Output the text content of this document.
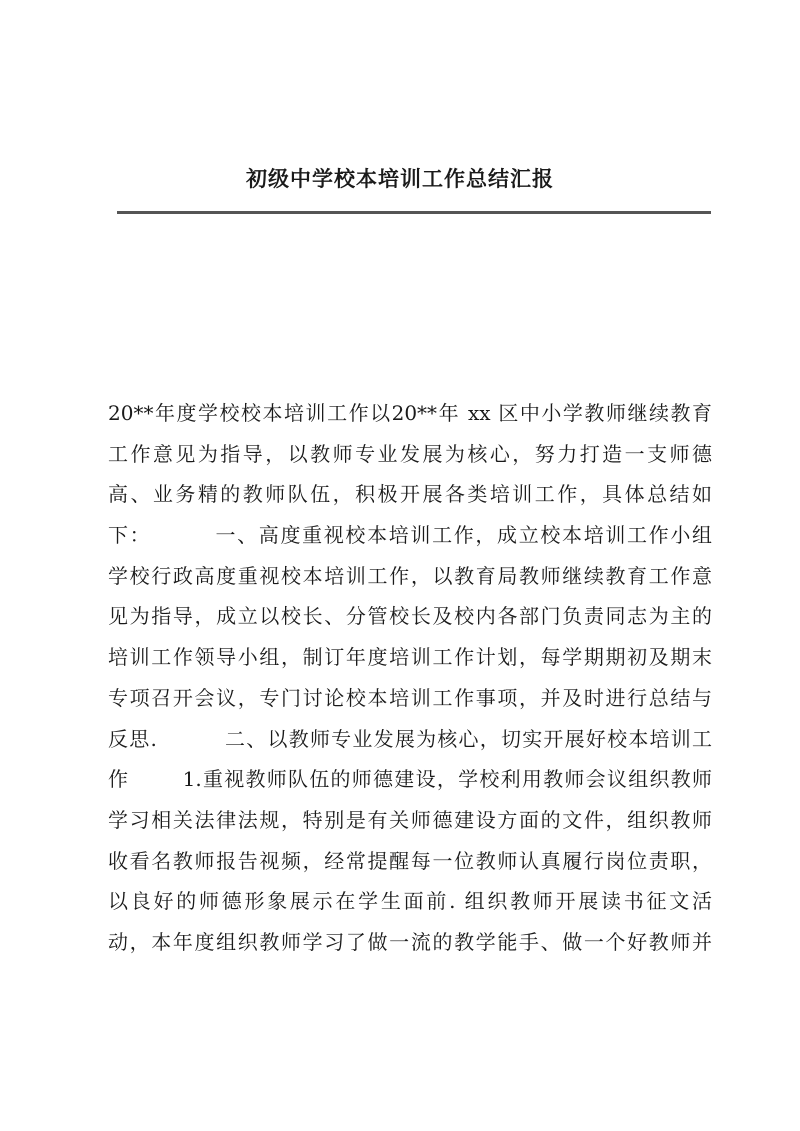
初级中学校本培训工作总结汇报
20**年度学校校本培训工作以20**年 xx 区中小学教师继续教育
工作意见为指导，以教师专业发展为核心，努力打造一支师德
高、业务精的教师队伍，积极开展各类培训工作，具体总结如
下：        一、高度重视校本培训工作，成立校本培训工作小组
学校行政高度重视校本培训工作，以教育局教师继续教育工作意
见为指导，成立以校长、分管校长及校内各部门负责同志为主的
培训工作领导小组，制订年度培训工作计划，每学期期初及期末
专项召开会议，专门讨论校本培训工作事项，并及时进行总结与
反思.         二、以教师专业发展为核心，切实开展好校本培训工
作       1.重视教师队伍的师德建设，学校利用教师会议组织教师
学习相关法律法规，特别是有关师德建设方面的文件，组织教师
收看名教师报告视频，经常提醒每一位教师认真履行岗位责职，
以良好的师德形象展示在学生面前. 组织教师开展读书征文活
动，本年度组织教师学习了做一流的教学能手、做一个好教师并
